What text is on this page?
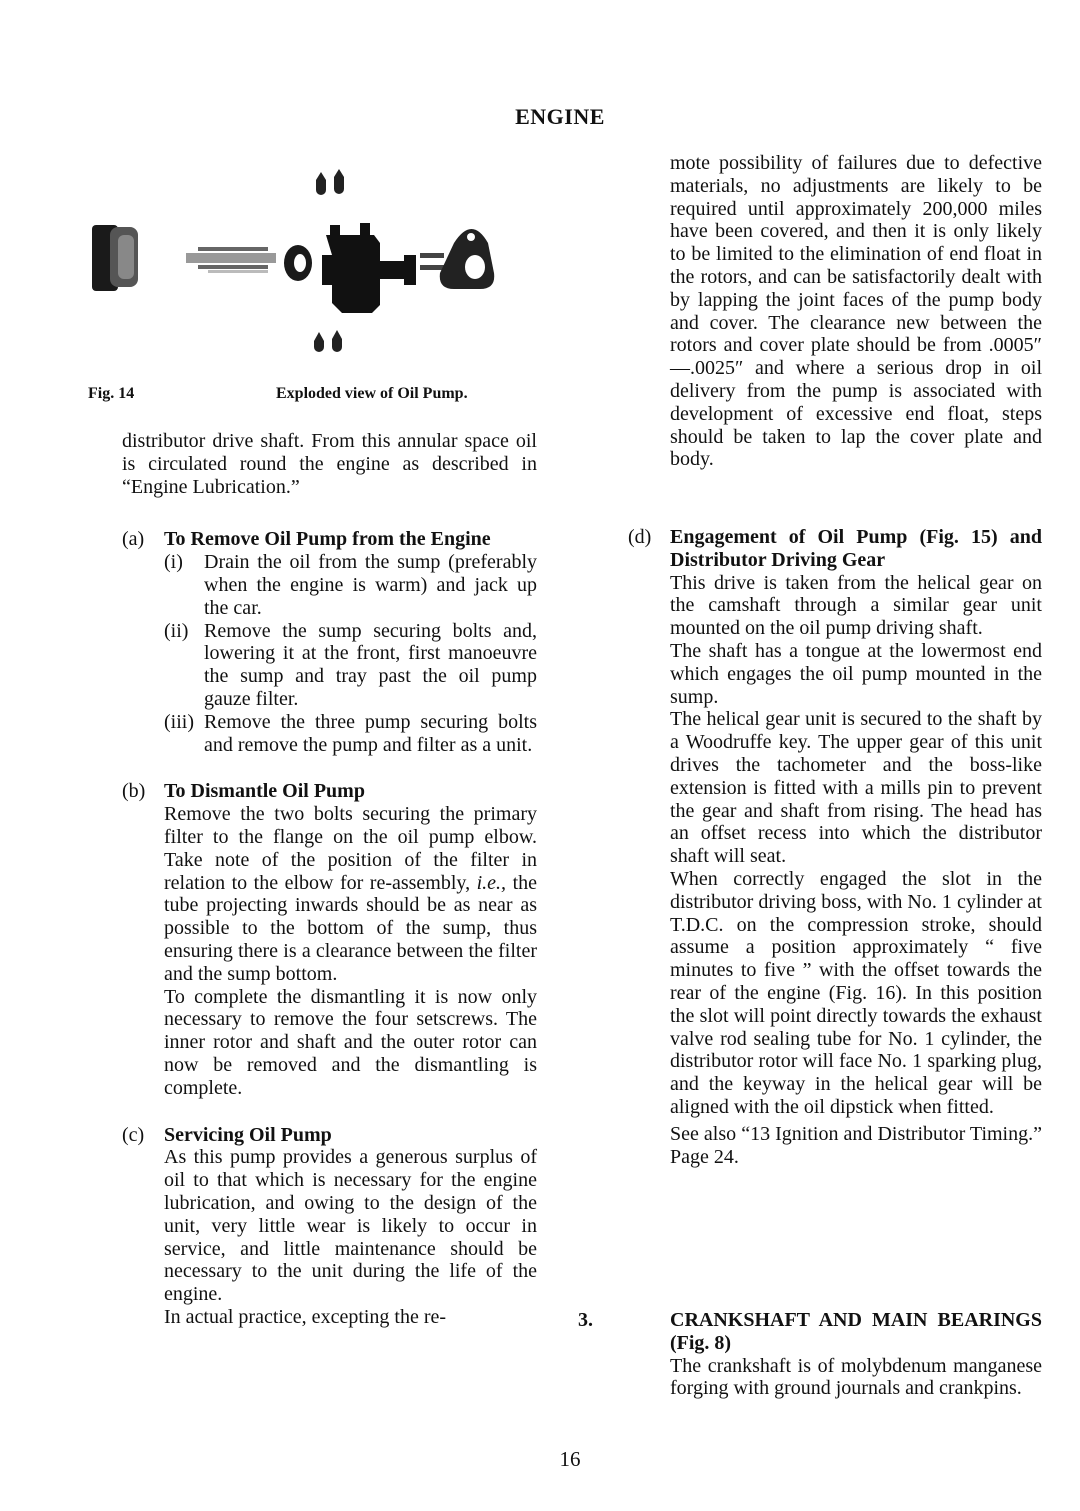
ENGINE
Fig. 14	Exploded view of Oil Pump.

distributor drive shaft. From this annular space oil is circulated round the engine as described in “Engine Lubrication.”

(a) To Remove Oil Pump from the Engine

(i)	Drain the oil from the sump (preferably when the engine is warm) and jack up the car.

(ii) Remove the sump securing bolts and, lowering it at the front, first manoeuvre the sump and tray past the oil pump gauze filter.

(iii) Remove the three pump securing bolts and remove the pump and filter as a unit.

(b) To Dismantle Oil Pump

Remove the two bolts securing the primary filter to the flange on the oil pump elbow. Take note of the position of the filter in relation to the elbow for re-assembly, i.e., the tube projecting inwards should be as near as possible to the bottom of the sump, thus ensuring there is a clearance between the filter and the sump bottom.

To complete the dismantling it is now only necessary to remove the four setscrews. The inner rotor and shaft and the outer rotor can now be removed and the dismantling is complete.

(c) Servicing Oil Pump

As this pump provides a generous surplus of oil to that which is necessary for the engine lubrication, and owing to the design of the unit, very little wear is likely to occur in service, and little maintenance should be necessary to the unit during the life of the engine.

In actual practice, excepting the re-

mote possibility of failures due to defective materials, no adjustments are likely to be required until approximately 200,000 miles have been covered, and then it is only likely to be limited to the elimination of end float in the rotors, and can be satisfactorily dealt with by lapping the joint faces of the pump body and cover. The clearance new between the rotors and cover plate should be from .0005″—.0025″ and where a serious drop in oil delivery from the pump is associated with development of excessive end float, steps should be taken to lap the cover plate and body.

(d) Engagement of Oil Pump (Fig. 15) and Distributor Driving Gear

This drive is taken from the helical gear on the camshaft through a similar gear unit mounted on the oil pump driving shaft.

The shaft has a tongue at the lowermost end which engages the oil pump mounted in the sump.

The helical gear unit is secured to the shaft by a Woodruffe key. The upper gear of this unit drives the tachometer and the boss-like extension is fitted with a mills pin to prevent the gear and shaft from rising. The head has an offset recess into which the distributor shaft will seat.

When correctly engaged the slot in the distributor driving boss, with No. 1 cylinder at T.D.C. on the compression stroke, should assume a position approximately “ five minutes to five ” with the offset towards the rear of the engine (Fig. 16). In this position the slot will point directly towards the exhaust valve rod sealing tube for No. 1 cylinder, the distributor rotor will face No. 1 sparking plug, and the keyway in the helical gear will be aligned with the oil dipstick when fitted.

See also “13 Ignition and Distributor Timing.” Page 24.

3.	CRANKSHAFT AND MAIN BEARINGS (Fig. 8)

The crankshaft is of molybdenum manganese forging with ground journals and crankpins.

16
